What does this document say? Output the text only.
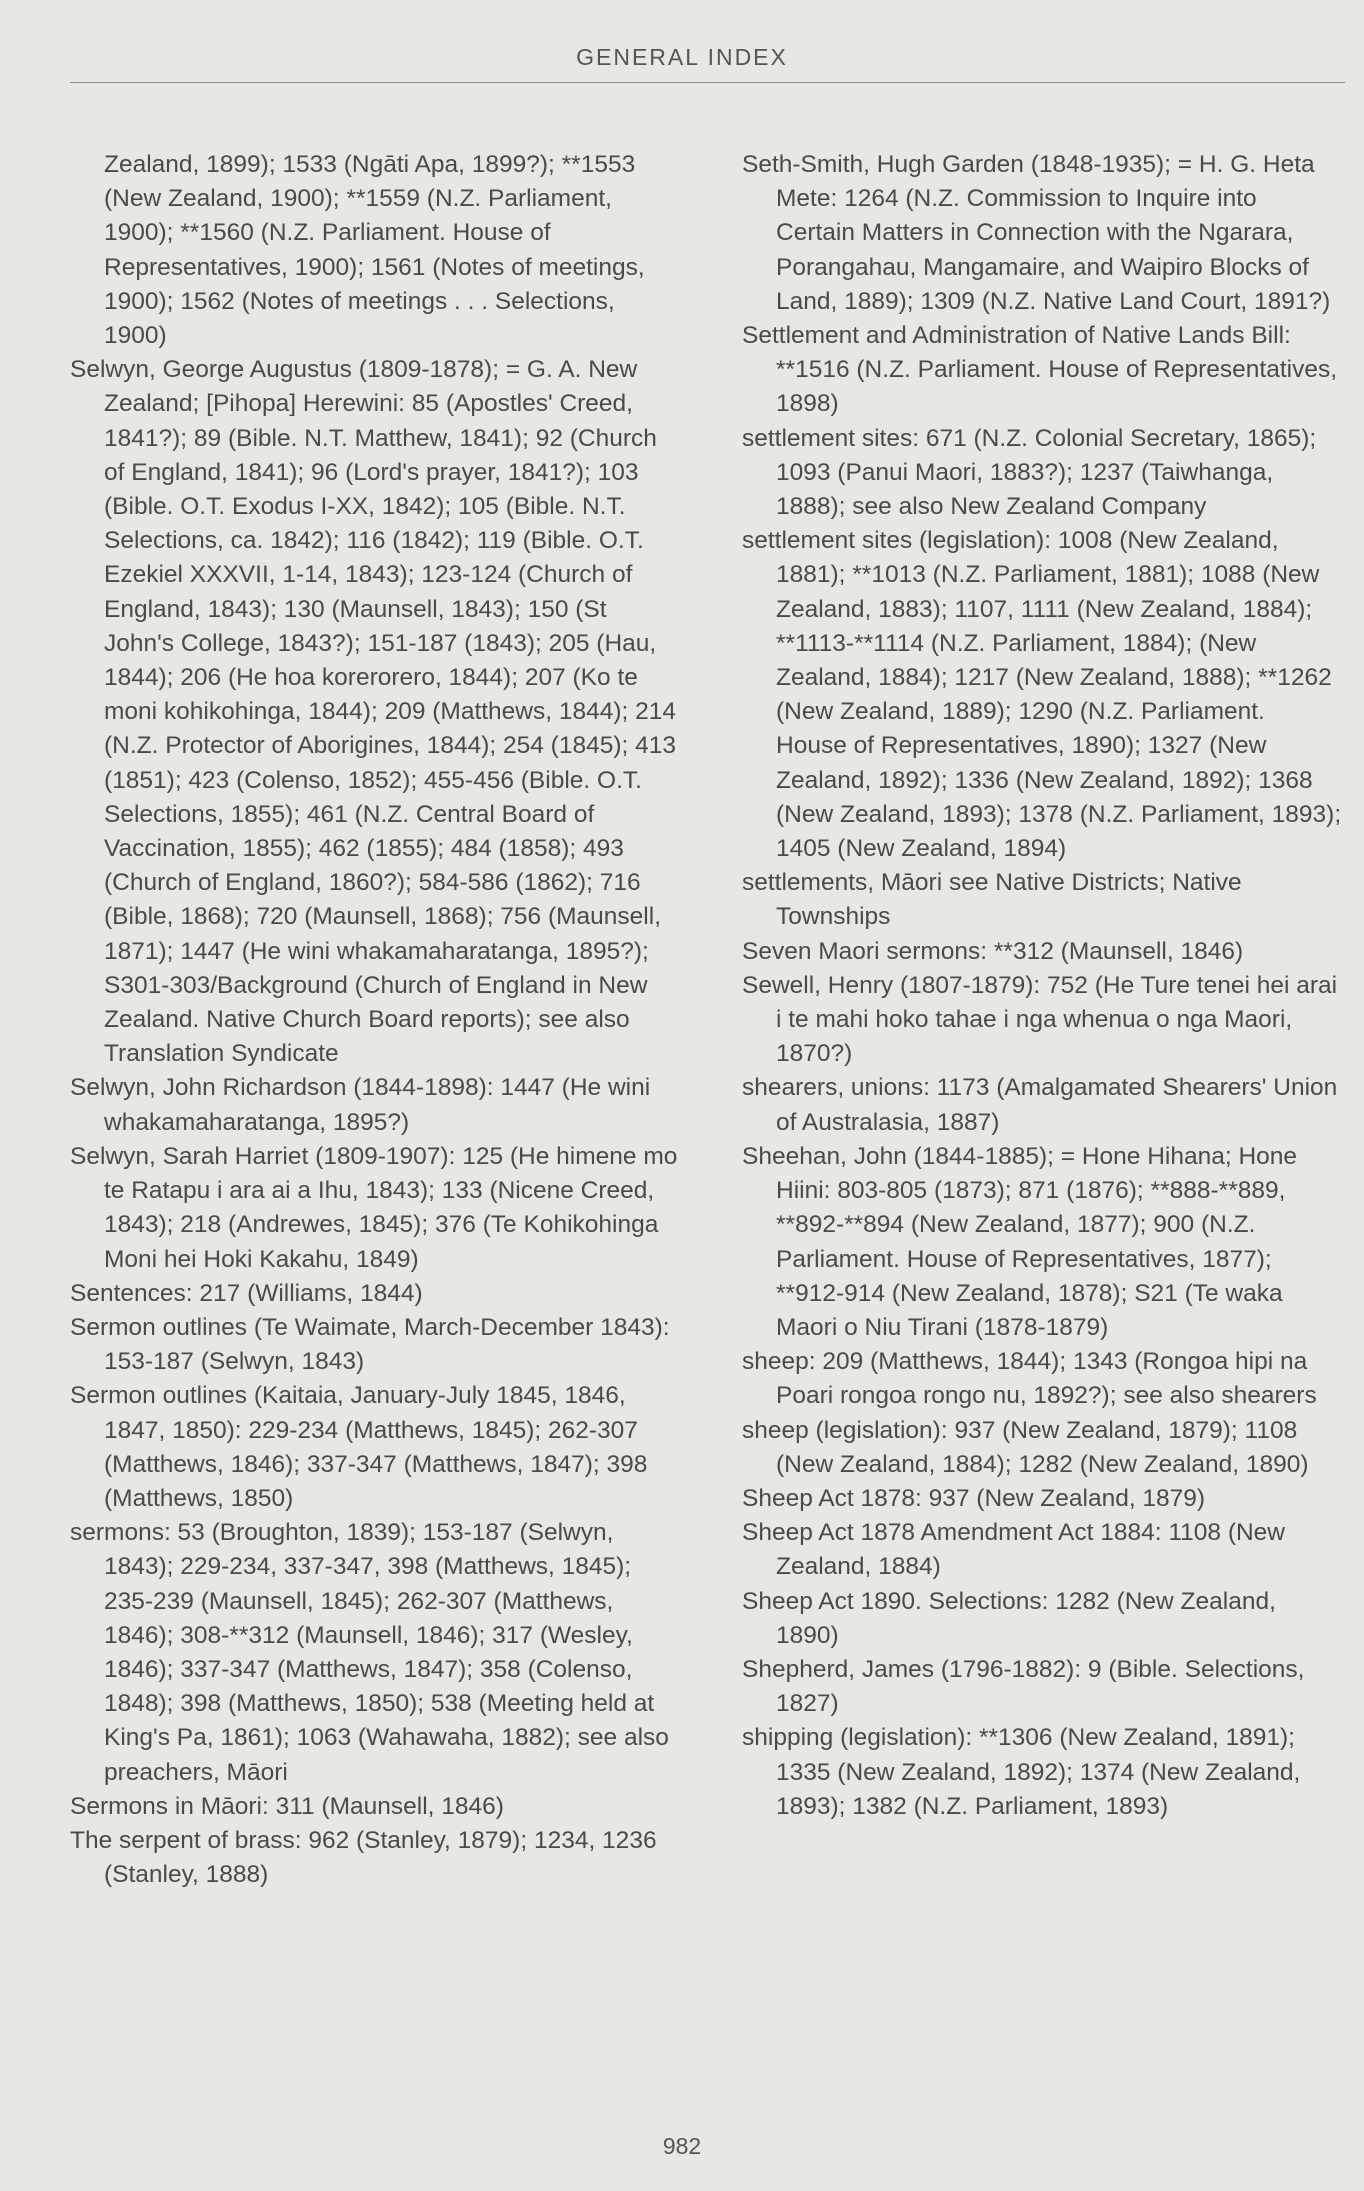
GENERAL INDEX

Zealand, 1899); 1533 (Ngāti Apa, 1899?); **1553 (New Zealand, 1900); **1559 (N.Z. Parliament, 1900); **1560 (N.Z. Parliament. House of Representatives, 1900); 1561 (Notes of meetings, 1900); 1562 (Notes of meetings . . . Selections, 1900)

Selwyn, George Augustus (1809-1878); = G. A. New Zealand; [Pihopa] Herewini: 85 (Apostles' Creed, 1841?); 89 (Bible. N.T. Matthew, 1841); 92 (Church of England, 1841); 96 (Lord's prayer, 1841?); 103 (Bible. O.T. Exodus I-XX, 1842); 105 (Bible. N.T. Selections, ca. 1842); 116 (1842); 119 (Bible. O.T. Ezekiel XXXVII, 1-14, 1843); 123-124 (Church of England, 1843); 130 (Maunsell, 1843); 150 (St John's College, 1843?); 151-187 (1843); 205 (Hau, 1844); 206 (He hoa korerorero, 1844); 207 (Ko te moni kohikohinga, 1844); 209 (Matthews, 1844); 214 (N.Z. Protector of Aborigines, 1844); 254 (1845); 413 (1851); 423 (Colenso, 1852); 455-456 (Bible. O.T. Selections, 1855); 461 (N.Z. Central Board of Vaccination, 1855); 462 (1855); 484 (1858); 493 (Church of England, 1860?); 584-586 (1862); 716 (Bible, 1868); 720 (Maunsell, 1868); 756 (Maunsell, 1871); 1447 (He wini whakamaharatanga, 1895?); S301-303/Background (Church of England in New Zealand. Native Church Board reports); see also Translation Syndicate

Selwyn, John Richardson (1844-1898): 1447 (He wini whakamaharatanga, 1895?)

Selwyn, Sarah Harriet (1809-1907): 125 (He himene mo te Ratapu i ara ai a Ihu, 1843); 133 (Nicene Creed, 1843); 218 (Andrewes, 1845); 376 (Te Kohikohinga Moni hei Hoki Kakahu, 1849)

Sentences: 217 (Williams, 1844)

Sermon outlines (Te Waimate, March-December 1843): 153-187 (Selwyn, 1843)

Sermon outlines (Kaitaia, January-July 1845, 1846, 1847, 1850): 229-234 (Matthews, 1845); 262-307 (Matthews, 1846); 337-347 (Matthews, 1847); 398 (Matthews, 1850)

sermons: 53 (Broughton, 1839); 153-187 (Selwyn, 1843); 229-234, 337-347, 398 (Matthews, 1845); 235-239 (Maunsell, 1845); 262-307 (Matthews, 1846); 308-**312 (Maunsell, 1846); 317 (Wesley, 1846); 337-347 (Matthews, 1847); 358 (Colenso, 1848); 398 (Matthews, 1850); 538 (Meeting held at King's Pa, 1861); 1063 (Wahawaha, 1882); see also preachers, Māori

Sermons in Māori: 311 (Maunsell, 1846)

The serpent of brass: 962 (Stanley, 1879); 1234, 1236 (Stanley, 1888)

Seth-Smith, Hugh Garden (1848-1935); = H. G. Heta Mete: 1264 (N.Z. Commission to Inquire into Certain Matters in Connection with the Ngarara, Porangahau, Mangamaire, and Waipiro Blocks of Land, 1889); 1309 (N.Z. Native Land Court, 1891?)

Settlement and Administration of Native Lands Bill: **1516 (N.Z. Parliament. House of Representatives, 1898)

settlement sites: 671 (N.Z. Colonial Secretary, 1865); 1093 (Panui Maori, 1883?); 1237 (Taiwhanga, 1888); see also New Zealand Company

settlement sites (legislation): 1008 (New Zealand, 1881); **1013 (N.Z. Parliament, 1881); 1088 (New Zealand, 1883); 1107, 1111 (New Zealand, 1884); **1113-**1114 (N.Z. Parliament, 1884); (New Zealand, 1884); 1217 (New Zealand, 1888); **1262 (New Zealand, 1889); 1290 (N.Z. Parliament. House of Representatives, 1890); 1327 (New Zealand, 1892); 1336 (New Zealand, 1892); 1368 (New Zealand, 1893); 1378 (N.Z. Parliament, 1893); 1405 (New Zealand, 1894)

settlements, Māori see Native Districts; Native Townships

Seven Maori sermons: **312 (Maunsell, 1846)

Sewell, Henry (1807-1879): 752 (He Ture tenei hei arai i te mahi hoko tahae i nga whenua o nga Maori, 1870?)

shearers, unions: 1173 (Amalgamated Shearers' Union of Australasia, 1887)

Sheehan, John (1844-1885); = Hone Hihana; Hone Hiini: 803-805 (1873); 871 (1876); **888-**889, **892-**894 (New Zealand, 1877); 900 (N.Z. Parliament. House of Representatives, 1877); **912-914 (New Zealand, 1878); S21 (Te waka Maori o Niu Tirani (1878-1879)

sheep: 209 (Matthews, 1844); 1343 (Rongoa hipi na Poari rongoa rongo nu, 1892?); see also shearers

sheep (legislation): 937 (New Zealand, 1879); 1108 (New Zealand, 1884); 1282 (New Zealand, 1890)

Sheep Act 1878: 937 (New Zealand, 1879)

Sheep Act 1878 Amendment Act 1884: 1108 (New Zealand, 1884)

Sheep Act 1890. Selections: 1282 (New Zealand, 1890)

Shepherd, James (1796-1882): 9 (Bible. Selections, 1827)

shipping (legislation): **1306 (New Zealand, 1891); 1335 (New Zealand, 1892); 1374 (New Zealand, 1893); 1382 (N.Z. Parliament, 1893)

982
